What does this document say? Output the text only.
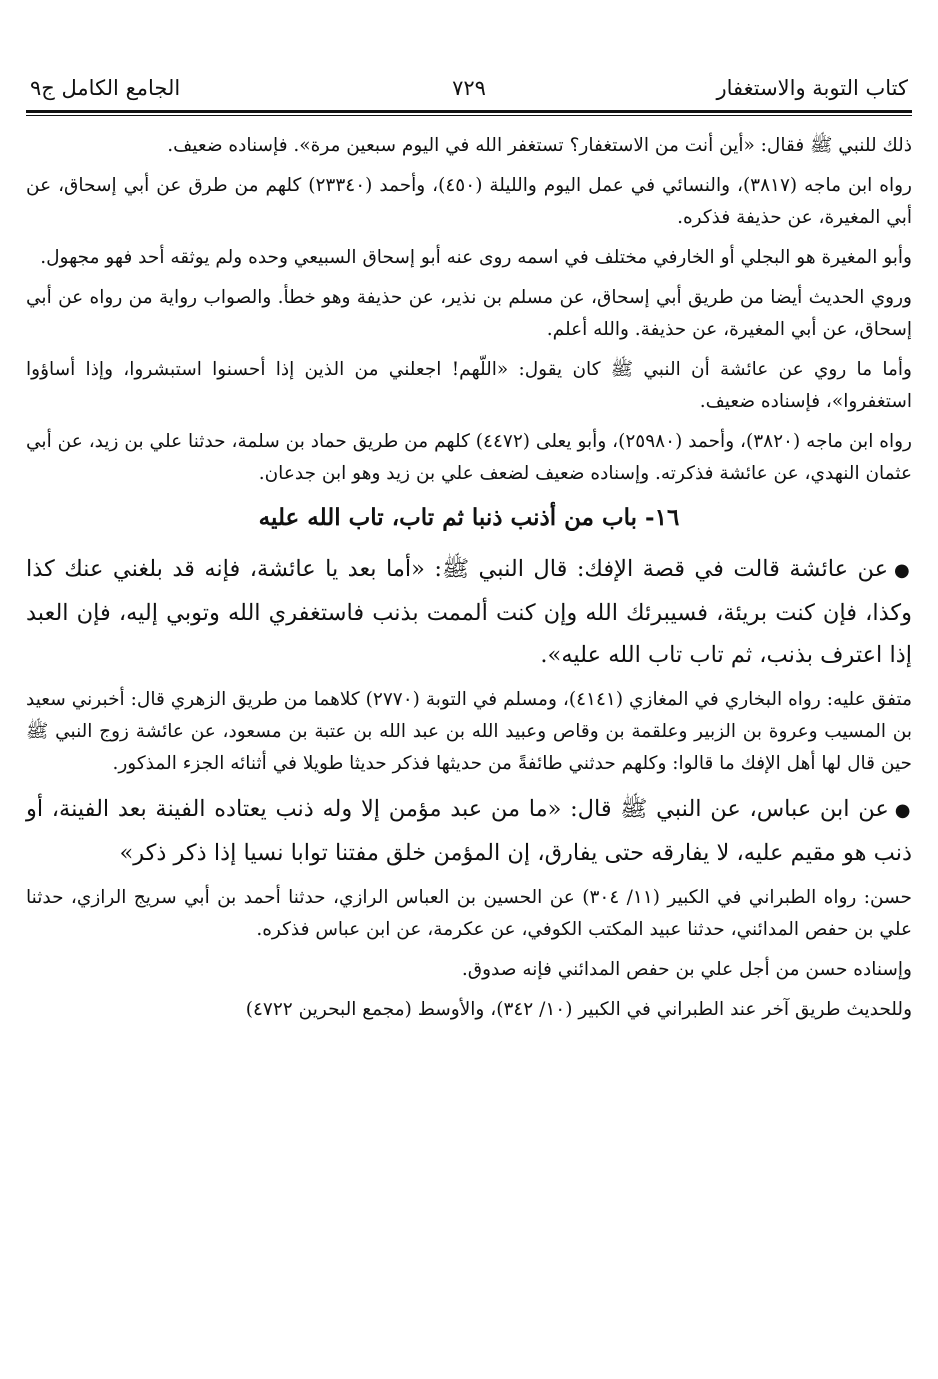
كتاب التوبة والاستغفار
٧٢٩
الجامع الكامل ج٩

ذلك للنبي ﷺ فقال: «أين أنت من الاستغفار؟ تستغفر الله في اليوم سبعين مرة». فإسناده ضعيف.

رواه ابن ماجه (٣٨١٧)، والنسائي في عمل اليوم والليلة (٤٥٠)، وأحمد (٢٣٣٤٠) كلهم من طرق عن أبي إسحاق، عن أبي المغيرة، عن حذيفة فذكره.

وأبو المغيرة هو البجلي أو الخارفي مختلف في اسمه روى عنه أبو إسحاق السبيعي وحده ولم يوثقه أحد فهو مجهول.

وروي الحديث أيضا من طريق أبي إسحاق، عن مسلم بن نذير، عن حذيفة وهو خطأ. والصواب رواية من رواه عن أبي إسحاق، عن أبي المغيرة، عن حذيفة. والله أعلم.

وأما ما روي عن عائشة أن النبي ﷺ كان يقول: «اللّهم! اجعلني من الذين إذا أحسنوا استبشروا، وإذا أساؤوا استغفروا»، فإسناده ضعيف.

رواه ابن ماجه (٣٨٢٠)، وأحمد (٢٥٩٨٠)، وأبو يعلى (٤٤٧٢) كلهم من طريق حماد بن سلمة، حدثنا علي بن زيد، عن أبي عثمان النهدي، عن عائشة فذكرته. وإسناده ضعيف لضعف علي بن زيد وهو ابن جدعان.

١٦- باب من أذنب ذنبا ثم تاب، تاب الله عليه

●عن عائشة قالت في قصة الإفك: قال النبي ﷺ: «أما بعد يا عائشة، فإنه قد بلغني عنك كذا وكذا، فإن كنت بريئة، فسيبرئك الله وإن كنت ألممت بذنب فاستغفري الله وتوبي إليه، فإن العبد إذا اعترف بذنب، ثم تاب تاب الله عليه».

متفق عليه: رواه البخاري في المغازي (٤١٤١)، ومسلم في التوبة (٢٧٧٠) كلاهما من طريق الزهري قال: أخبرني سعيد بن المسيب وعروة بن الزبير وعلقمة بن وقاص وعبيد الله بن عبد الله بن عتبة بن مسعود، عن عائشة زوج النبي ﷺ حين قال لها أهل الإفك ما قالوا: وكلهم حدثني طائفةً من حديثها فذكر حديثا طويلا في أثنائه الجزء المذكور.

●عن ابن عباس، عن النبي ﷺ قال: «ما من عبد مؤمن إلا وله ذنب يعتاده الفينة بعد الفينة، أو ذنب هو مقيم عليه، لا يفارقه حتى يفارق، إن المؤمن خلق مفتنا توابا نسيا إذا ذكر ذكر»

حسن: رواه الطبراني في الكبير (١١/ ٣٠٤) عن الحسين بن العباس الرازي، حدثنا أحمد بن أبي سريج الرازي، حدثنا علي بن حفص المدائني، حدثنا عبيد المكتب الكوفي، عن عكرمة، عن ابن عباس فذكره.

وإسناده حسن من أجل علي بن حفص المدائني فإنه صدوق.

وللحديث طريق آخر عند الطبراني في الكبير (١٠/ ٣٤٢)، والأوسط (مجمع البحرين ٤٧٢٢)
